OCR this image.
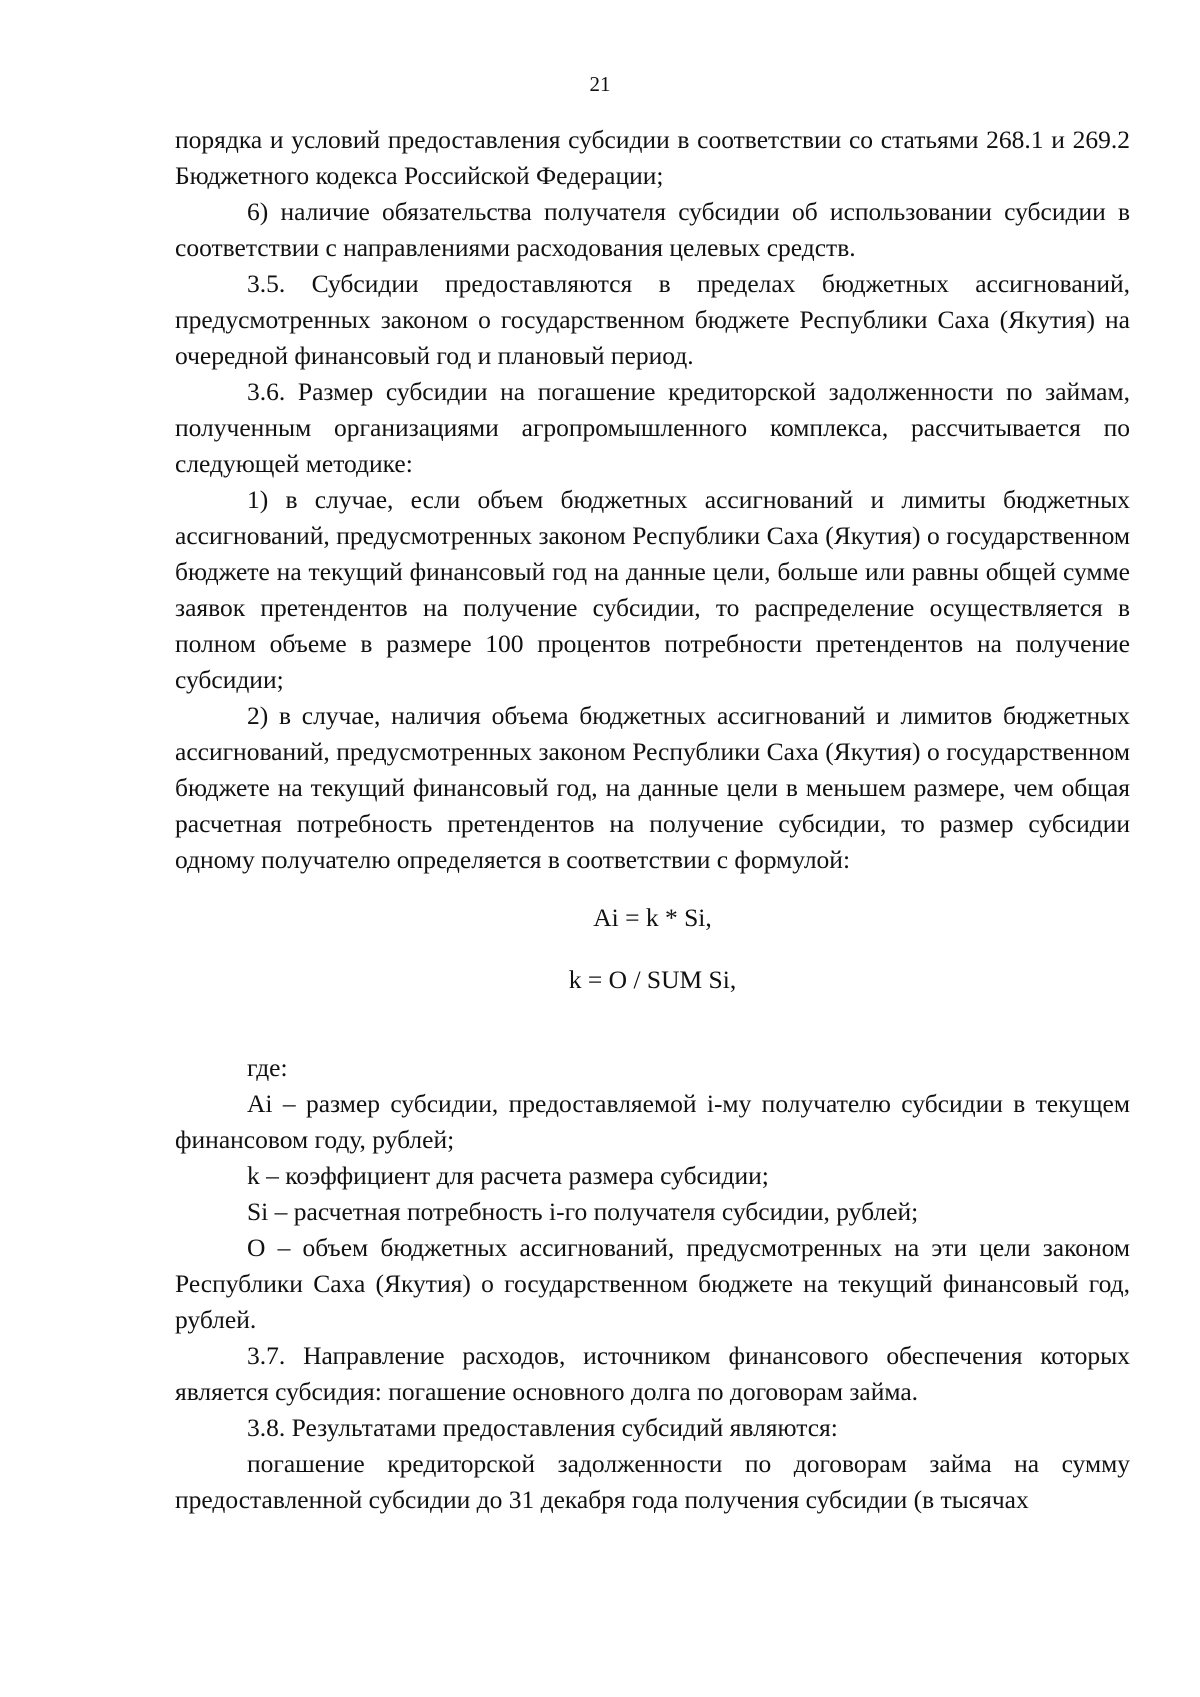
21

порядка и условий предоставления субсидии в соответствии со статьями 268.1 и 269.2 Бюджетного кодекса Российской Федерации;

6) наличие обязательства получателя субсидии об использовании субсидии в соответствии с направлениями расходования целевых средств.

3.5. Субсидии предоставляются в пределах бюджетных ассигнований, предусмотренных законом о государственном бюджете Республики Саха (Якутия) на очередной финансовый год и плановый период.

3.6. Размер субсидии на погашение кредиторской задолженности по займам, полученным организациями агропромышленного комплекса, рассчитывается по следующей методике:

1) в случае, если объем бюджетных ассигнований и лимиты бюджетных ассигнований, предусмотренных законом Республики Саха (Якутия) о государственном бюджете на текущий финансовый год на данные цели, больше или равны общей сумме заявок претендентов на получение субсидии, то распределение осуществляется в полном объеме в размере 100 процентов потребности претендентов на получение субсидии;

2) в случае, наличия объема бюджетных ассигнований и лимитов бюджетных ассигнований, предусмотренных законом Республики Саха (Якутия) о государственном бюджете на текущий финансовый год, на данные цели в меньшем размере, чем общая расчетная потребность претендентов на получение субсидии, то размер субсидии одному получателю определяется в соответствии с формулой:

Ai = k * Si,

k = O / SUM Si,

где:

Ai – размер субсидии, предоставляемой i-му получателю субсидии в текущем финансовом году, рублей;

k – коэффициент для расчета размера субсидии;

Si – расчетная потребность i-го получателя субсидии, рублей;

O – объем бюджетных ассигнований, предусмотренных на эти цели законом Республики Саха (Якутия) о государственном бюджете на текущий финансовый год, рублей.

3.7. Направление расходов, источником финансового обеспечения которых является субсидия: погашение основного долга по договорам займа.

3.8. Результатами предоставления субсидий являются:

погашение кредиторской задолженности по договорам займа на сумму предоставленной субсидии до 31 декабря года получения субсидии (в тысячах
